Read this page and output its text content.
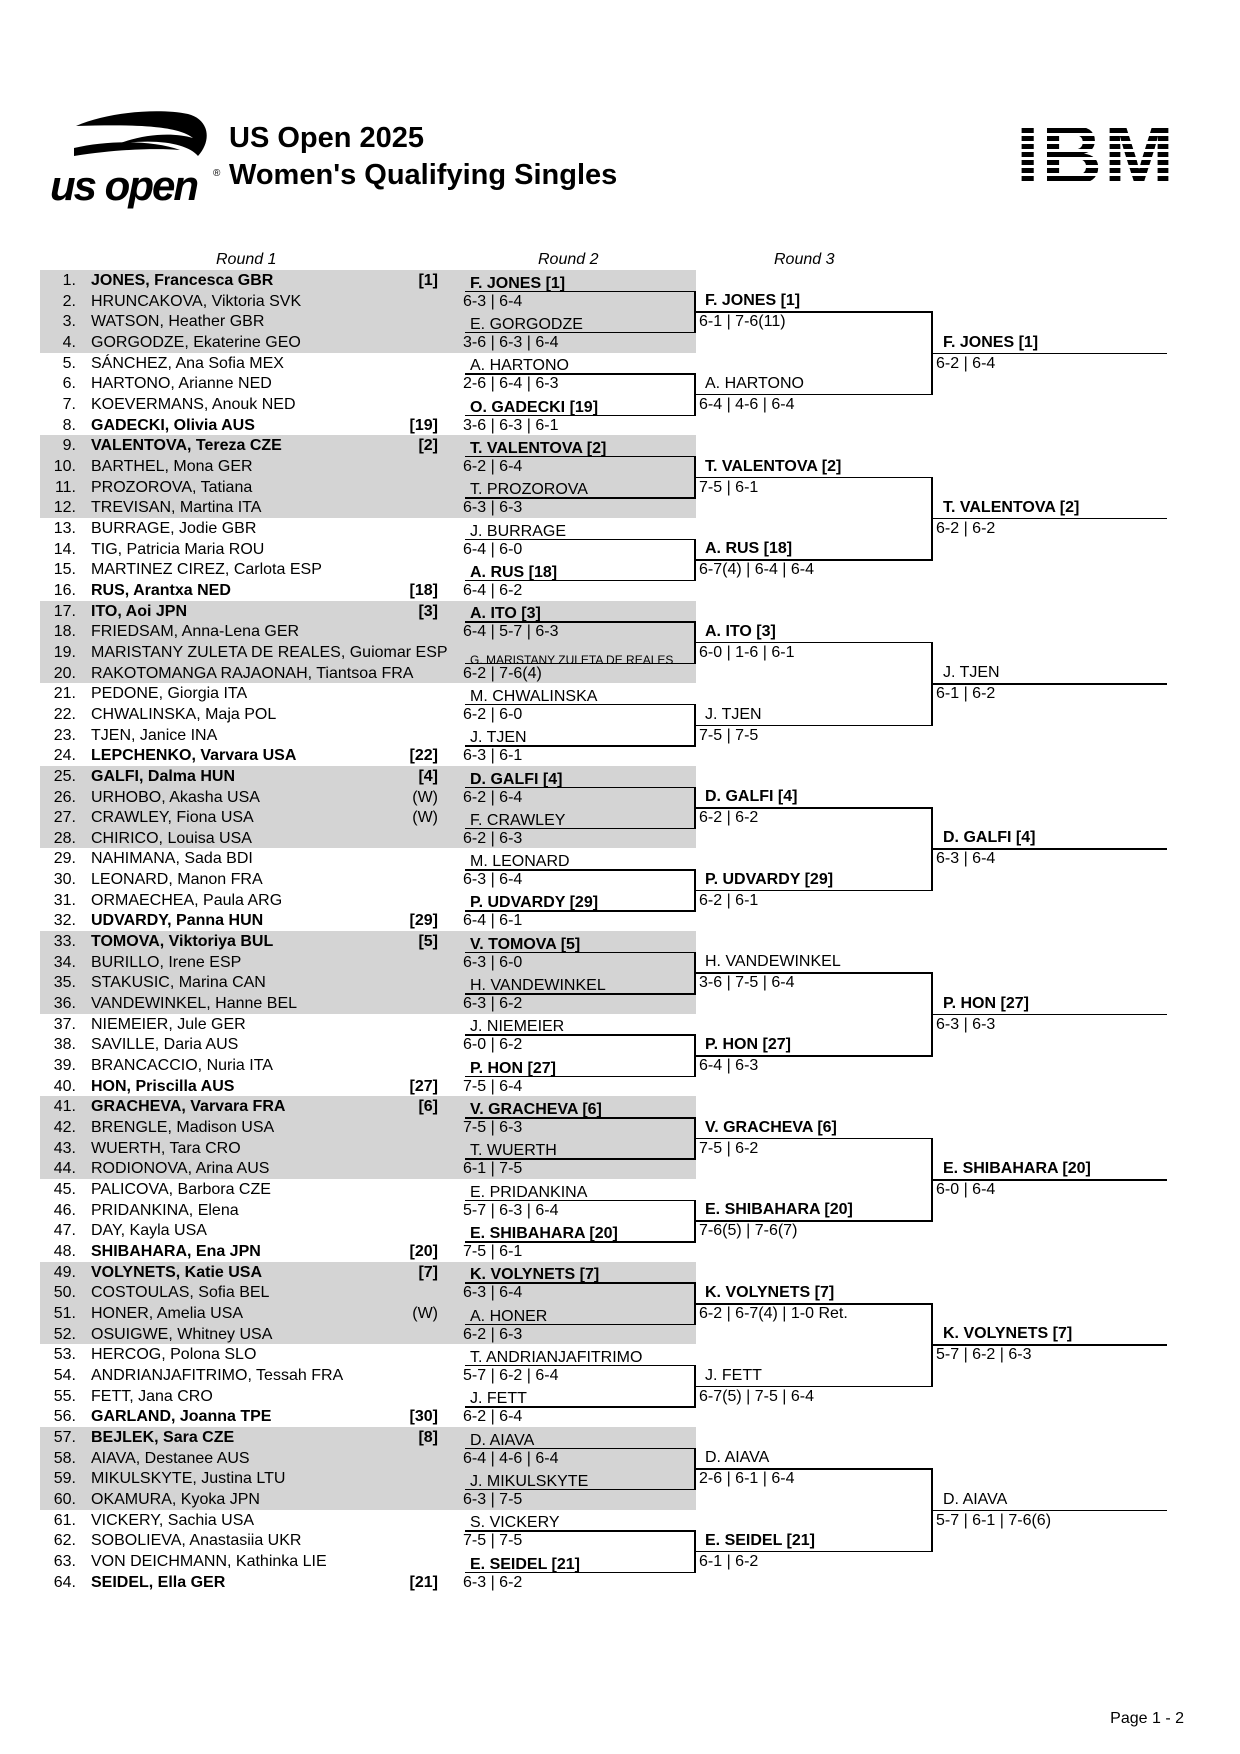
us open ®
US Open 2025
Women's Qualifying Singles	IBM
Round 1	Round 2	Round 3
1. JONES, Francesca GBR	[1]
2. HRUNCAKOVA, Viktoria SVK
3. WATSON, Heather GBR
4. GORGODZE, Ekaterine GEO
5. SÁNCHEZ, Ana Sofia MEX
6. HARTONO, Arianne NED
7. KOEVERMANS, Anouk NED
8. GADECKI, Olivia AUS	[19]
9. VALENTOVA, Tereza CZE	[2]
10. BARTHEL, Mona GER
11. PROZOROVA, Tatiana
12. TREVISAN, Martina ITA
13. BURRAGE, Jodie GBR
14. TIG, Patricia Maria ROU
15. MARTINEZ CIREZ, Carlota ESP
16. RUS, Arantxa NED	[18]
17. ITO, Aoi JPN	[3]
18. FRIEDSAM, Anna-Lena GER
19. MARISTANY ZULETA DE REALES, Guiomar ESP
20. RAKOTOMANGA RAJAONAH, Tiantsoa FRA
21. PEDONE, Giorgia ITA
22. CHWALINSKA, Maja POL
23. TJEN, Janice INA
24. LEPCHENKO, Varvara USA	[22]
25. GALFI, Dalma HUN	[4]
26. URHOBO, Akasha USA	(W)
27. CRAWLEY, Fiona USA	(W)
28. CHIRICO, Louisa USA
29. NAHIMANA, Sada BDI
30. LEONARD, Manon FRA
31. ORMAECHEA, Paula ARG
32. UDVARDY, Panna HUN	[29]
33. TOMOVA, Viktoriya BUL	[5]
34. BURILLO, Irene ESP
35. STAKUSIC, Marina CAN
36. VANDEWINKEL, Hanne BEL
37. NIEMEIER, Jule GER
38. SAVILLE, Daria AUS
39. BRANCACCIO, Nuria ITA
40. HON, Priscilla AUS	[27]
41. GRACHEVA, Varvara FRA	[6]
42. BRENGLE, Madison USA
43. WUERTH, Tara CRO
44. RODIONOVA, Arina AUS
45. PALICOVA, Barbora CZE
46. PRIDANKINA, Elena
47. DAY, Kayla USA
48. SHIBAHARA, Ena JPN	[20]
49. VOLYNETS, Katie USA	[7]
50. COSTOULAS, Sofia BEL
51. HONER, Amelia USA	(W)
52. OSUIGWE, Whitney USA
53. HERCOG, Polona SLO
54. ANDRIANJAFITRIMO, Tessah FRA
55. FETT, Jana CRO
56. GARLAND, Joanna TPE	[30]
57. BEJLEK, Sara CZE	[8]
58. AIAVA, Destanee AUS
59. MIKULSKYTE, Justina LTU
60. OKAMURA, Kyoka JPN
61. VICKERY, Sachia USA
62. SOBOLIEVA, Anastasiia UKR
63. VON DEICHMANN, Kathinka LIE
64. SEIDEL, Ella GER	[21]
F. JONES [1]
6-3 | 6-4
E. GORGODZE
3-6 | 6-3 | 6-4
A. HARTONO
2-6 | 6-4 | 6-3
O. GADECKI [19]
3-6 | 6-3 | 6-1
T. VALENTOVA [2]
6-2 | 6-4
T. PROZOROVA
6-3 | 6-3
J. BURRAGE
6-4 | 6-0
A. RUS [18]
6-4 | 6-2
A. ITO [3]
6-4 | 5-7 | 6-3
G. MARISTANY ZULETA DE REALES
6-2 | 7-6(4)
M. CHWALINSKA
6-2 | 6-0
J. TJEN
6-3 | 6-1
D. GALFI [4]
6-2 | 6-4
F. CRAWLEY
6-2 | 6-3
M. LEONARD
6-3 | 6-4
P. UDVARDY [29]
6-4 | 6-1
V. TOMOVA [5]
6-3 | 6-0
H. VANDEWINKEL
6-3 | 6-2
J. NIEMEIER
6-0 | 6-2
P. HON [27]
7-5 | 6-4
V. GRACHEVA [6]
7-5 | 6-3
T. WUERTH
6-1 | 7-5
E. PRIDANKINA
5-7 | 6-3 | 6-4
E. SHIBAHARA [20]
7-5 | 6-1
K. VOLYNETS [7]
6-3 | 6-4
A. HONER
6-2 | 6-3
T. ANDRIANJAFITRIMO
5-7 | 6-2 | 6-4
J. FETT
6-2 | 6-4
D. AIAVA
6-4 | 4-6 | 6-4
J. MIKULSKYTE
6-3 | 7-5
S. VICKERY
7-5 | 7-5
E. SEIDEL [21]
6-3 | 6-2
F. JONES [1]
6-1 | 7-6(11)
A. HARTONO
6-4 | 4-6 | 6-4
T. VALENTOVA [2]
7-5 | 6-1
A. RUS [18]
6-7(4) | 6-4 | 6-4
A. ITO [3]
6-0 | 1-6 | 6-1
J. TJEN
7-5 | 7-5
D. GALFI [4]
6-2 | 6-2
P. UDVARDY [29]
6-2 | 6-1
H. VANDEWINKEL
3-6 | 7-5 | 6-4
P. HON [27]
6-4 | 6-3
V. GRACHEVA [6]
7-5 | 6-2
E. SHIBAHARA [20]
7-6(5) | 7-6(7)
K. VOLYNETS [7]
6-2 | 6-7(4) | 1-0 Ret.
J. FETT
6-7(5) | 7-5 | 6-4
D. AIAVA
2-6 | 6-1 | 6-4
E. SEIDEL [21]
6-1 | 6-2
F. JONES [1]
6-2 | 6-4
T. VALENTOVA [2]
6-2 | 6-2
J. TJEN
6-1 | 6-2
D. GALFI [4]
6-3 | 6-4
P. HON [27]
6-3 | 6-3
E. SHIBAHARA [20]
6-0 | 6-4
K. VOLYNETS [7]
5-7 | 6-2 | 6-3
D. AIAVA
5-7 | 6-1 | 7-6(6)
Page 1 - 2
